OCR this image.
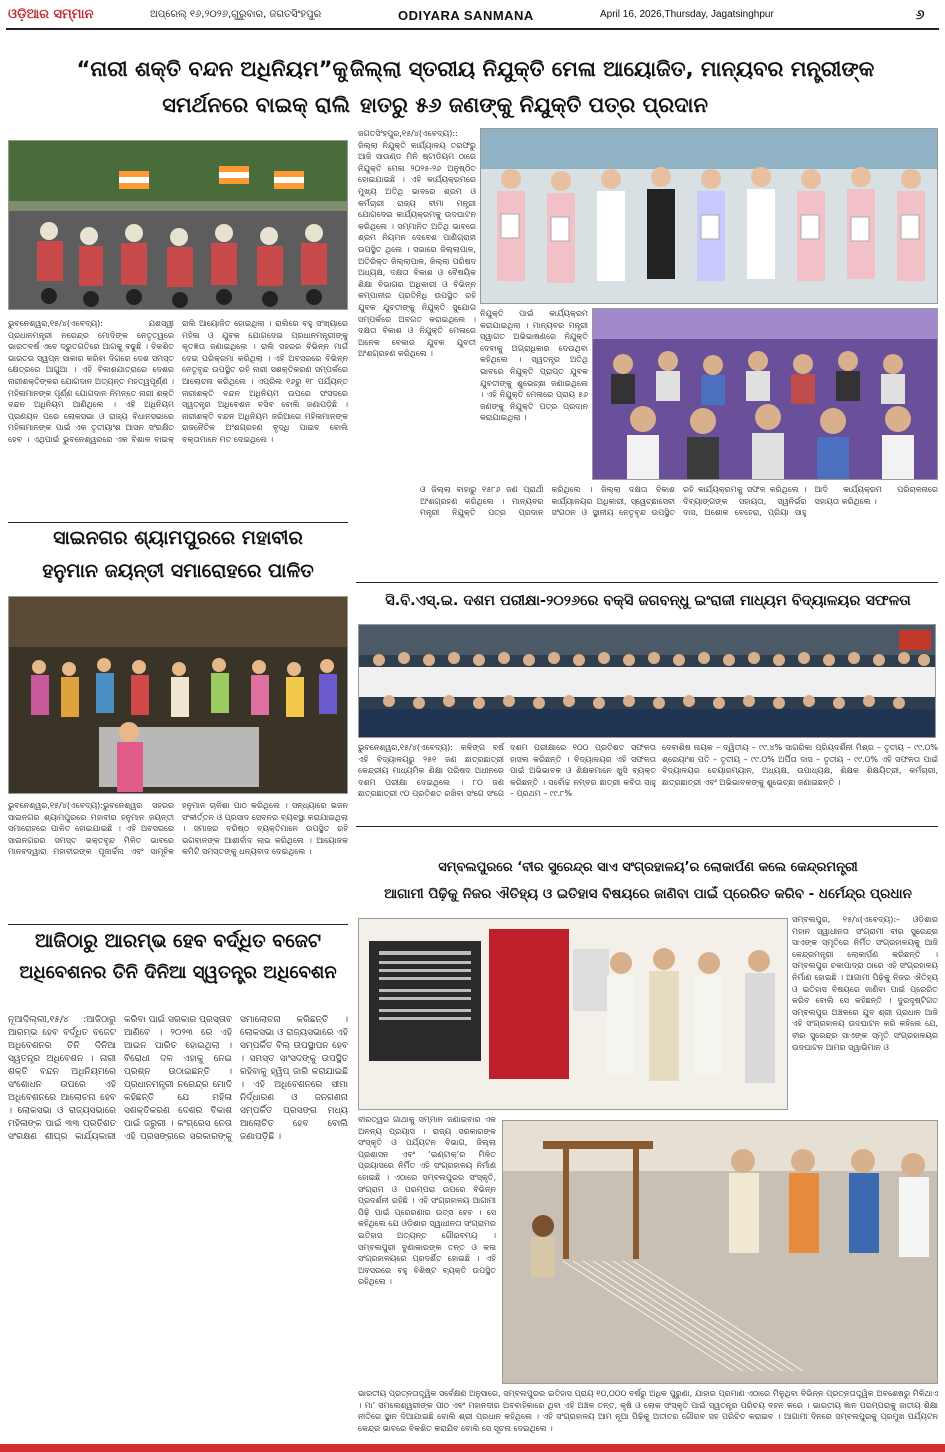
ଓଡ଼ିଆର ସମ୍ମାନ	ଅପ୍ରେଲ୍ ୧୬,୨୦୨୬,ଗୁରୁବାର, ଜଗତସିଂହପୁର	ODIYARA SANMANA	April 16, 2026,Thursday, Jagatsinghpur	୬
“ନାରୀ ଶକ୍ତି ବନ୍ଦନ ଅଧିନିୟମ”କୁ ଜିଲ୍ଲା ସ୍ତରୀୟ ନିଯୁକ୍ତି ମେଳା ଆୟୋଜିତ, ମାନ୍ୟବର ମନ୍ତ୍ରୀଙ୍କ
ସମର୍ଥନରେ ବାଇକ୍ ରାଲି ହାତରୁ ୫୬ ଜଣଙ୍କୁ ନିଯୁକ୍ତି ପତ୍ର ପ୍ରଦାନ
ଭୁବନେଶ୍ୱର,୧୫/୪(ଏବେଦ୍ୟ): ଯଶସ୍ୱୀ ପ୍ରଧାନମନ୍ତ୍ରୀ ନରେନ୍ଦ୍ର ମୋଦିଙ୍କ ନେତୃତ୍ୱରେ ଭାରତବର୍ଷ ଏବେ ଦ୍ରୁତଗତିରେ ଆଗକୁ ବଢୁଛି । ବିକଶିତ ଭାରତର ସ୍ୱପ୍ନ ସାକାର କରିବା ଦିଗରେ ଦେଶ ସମସ୍ତ କ୍ଷେତ୍ରରେ ଆଗୁଆ । ଏହି ବିକାଶଯାତ୍ରାରେ ଦେଶର ନାରୀଶକ୍ତିଙ୍କର ଯୋଗଦାନ ଅତ୍ୟନ୍ତ ମହତ୍ୱପୂର୍ଣ୍ଣ । ମହିଳାମାନଙ୍କ ପୂର୍ଣ୍ଣ ଯୋଗଦାନ ନିମନ୍ତେ ନାରୀ ଶକ୍ତି ବନ୍ଦନ ଅଧିନିୟମ ଆଣିଥିଲେ । ଏହି ଅଧିନିୟମ ପ୍ରଣୟନ ପରେ ଲୋକସଭା ଓ ରାଜ୍ୟ ବିଧାନସଭାରେ ମହିଳାମାନଙ୍କ ପାଇଁ ଏକ ତୃତୀୟାଂଶ ଆସନ ସଂରକ୍ଷିତ ହେବ । ଏଥିପାଇଁ ଭୁବନେଶ୍ୱରରେ ଏକ ବିଶାଳ ବାଇକ୍ ରାଲି ଆୟୋଜିତ ହୋଇଥିଲା । ରାଲିରେ ବହୁ ସଂଖ୍ୟାରେ ମହିଳା ଓ ଯୁବକ ଯୋଗଦେଇ ପ୍ରଧାନମନ୍ତ୍ରୀଙ୍କୁ କୃତଜ୍ଞତା ଜଣାଇଥିଲେ । ରାଲି ସହରର ବିଭିନ୍ନ ମାର୍ଗ ଦେଇ ପରିକ୍ରମା କରିଥିଲା । ଏହି ଅବସରରେ ବିଭିନ୍ନ ନେତୃବୃନ୍ଦ ଉପସ୍ଥିତ ରହି ନାରୀ ସଶକ୍ତିକରଣ ସମ୍ପର୍କରେ ଆଲୋଚନା କରିଥିଲେ । ଏପ୍ରିଲ ୧୬ରୁ ୧୮ ପର୍ଯ୍ୟନ୍ତ ନାରୀଶକ୍ତି ବନ୍ଦନ ଅଧିନିୟମ ଉପରେ ସଂସଦରେ ସ୍ୱତନ୍ତ୍ର ଅଧିବେଶନ ବସିବ ବୋଲି ଜଣାପଡ଼ିଛି । ନାରୀଶକ୍ତି ବନ୍ଦନ ଅଧିନିୟମ ଜରିଆରେ ମହିଳାମାନଙ୍କ ରାଜନୈତିକ ଅଂଶଗ୍ରହଣ ବୃଦ୍ଧି ପାଇବ ବୋଲି ବକ୍ତାମାନେ ମତ ଦେଇଥିଲେ ।
ସାଇନଗର ଶ୍ୟାମପୁରରେ ମହାବୀର
ହନୁମାନ ଜୟନ୍ତୀ ସମାରୋହରେ ପାଳିତ
ଭୁବନେଶ୍ୱର,୧୫/୪(ଏବେଦ୍ୟ):ଭୁବନେଶ୍ୱର ସହରର ସାଇନଗର ଶ୍ୟାମପୁରରେ ମହାବୀର ହନୁମାନ ଜୟନ୍ତୀ ସମାରୋହରେ ପାଳିତ ହୋଇଯାଇଛି । ଏହି ଅବସରରେ ସାଇନଗରର ସମସ୍ତ ଭକ୍ତବୃନ୍ଦ ମିଳିତ ଭାବରେ ମାନବଦ୍ୱାରା ମହାବୀରଙ୍କ ପୂଜାର୍ଚ୍ଚନା ଏବଂ ସାମୂହିକ ହନୁମାନ ଚାଳିଶା ପାଠ କରିଥିଲେ । ସନ୍ଧ୍ୟାରେ ଭଜନ ସଂକୀର୍ତ୍ତନ ଓ ପ୍ରସାଦ ସେବନର ବ୍ୟବସ୍ଥା କରାଯାଇଥିଲା । ସମାଜର ବରିଷ୍ଠ ବ୍ୟକ୍ତିମାନେ ଉପସ୍ଥିତ ରହି ଭଗବାନଙ୍କ ଆଶୀର୍ବାଦ ଲାଭ କରିଥିଲେ । ଆୟୋଜକ କମିଟି ସମସ୍ତଙ୍କୁ ଧନ୍ୟବାଦ ଦେଇଥିଲେ ।
ଆଜିଠାରୁ ଆରମ୍ଭ ହେବ ବର୍ଦ୍ଧିତ ବଜେଟ
ଅଧିବେଶନର ତିନି ଦିନିଆ ସ୍ୱତନ୍ତ୍ର ଅଧିବେଶନ
ନୂଆଦିଲ୍ଲୀ,୧୫/୪ :ଆଜିଠାରୁ ଆରମ୍ଭ ହେବ ବର୍ଦ୍ଧିତ ବଜେଟ ଅଧିବେଶନର ତିନି ଦିନିଆ ସ୍ୱତନ୍ତ୍ର ଅଧିବେଶନ । ନାରୀ ଶକ୍ତି ବନ୍ଦନ ଅଧିନିୟମରେ ସଂଶୋଧନ ଉପରେ ଏହି ଅଧିବେଶନରେ ଆଲୋଚନା ହେବ । ଲୋକସଭା ଓ ରାଜ୍ୟସଭାରେ ମହିଳାଙ୍କ ପାଇଁ ୩୩ ପ୍ରତିଶତ ସଂରକ୍ଷଣ ଶୀଘ୍ର କାର୍ଯ୍ୟକାରୀ କରିବା ପାଇଁ ସରକାର ପ୍ରସ୍ତାବ ଆଣିବେ । ୨୦୨୩ ରେ ଏହି ଆଇନ ପାରିତ ହୋଇଥିଲା । ବିରୋଧୀ ଦଳ ଏହାକୁ ନେଇ ପ୍ରଶ୍ନ ଉଠାଇଛନ୍ତି । ପ୍ରଧାନମନ୍ତ୍ରୀ ନରେନ୍ଦ୍ର ମୋଦି କହିଛନ୍ତି ଯେ ମହିଳା ସଶକ୍ତିକରଣ ଦେଶର ବିକାଶ ପାଇଁ ଜରୁରୀ । କଂଗ୍ରେସ ନେତା ଏହି ପ୍ରସଙ୍ଗରେ ସରକାରଙ୍କୁ ସମାଲୋଚନା କରିଛନ୍ତି । ଲୋକସଭା ଓ ରାଜ୍ୟସଭାରେ ଏହି ସମ୍ପର୍କିତ ବିଲ୍ ଉପସ୍ଥାପନ ହେବ । ସମସ୍ତ ସାଂସଦଙ୍କୁ ଉପସ୍ଥିତ ରହିବାକୁ ହ୍ୱିପ୍ ଜାରି କରାଯାଇଛି । ଏହି ଅଧିବେଶନରେ ସୀମା ନିର୍ଦ୍ଧାରଣ ଓ ଜନଗଣନା ସମ୍ପର୍କିତ ପ୍ରସଙ୍ଗ ମଧ୍ୟ ଆଲୋଚିତ ହେବ ବୋଲି ଜଣାପଡ଼ିଛି ।
ଜଗତସିଂହପୁର,୧୫/୪(ଏବେଦ୍ୟ):: ଜିଲ୍ଲା ନିଯୁକ୍ତି କାର୍ଯ୍ୟାଳୟ ତରଫରୁ ଆଜି ସାଉଣ୍ଡ ମିନି ଷ୍ଟାଡିୟମ ଠାରେ ନିଯୁକ୍ତି ମେଳା ୨୦୨୫-୨୬ ଅନୁଷ୍ଠିତ ହୋଇଯାଇଛି । ଏହି କାର୍ଯ୍ୟକ୍ରମରେ ମୁଖ୍ୟ ଅତିଥି ଭାବରେ ଶ୍ରମ ଓ କର୍ମଚାରୀ ରାଜ୍ୟ ବୀମା ମନ୍ତ୍ରୀ ଯୋଗଦେଇ କାର୍ଯ୍ୟକ୍ରମକୁ ଉଦଘାଟନ କରିଥିଲେ । ସମ୍ମାନିତ ଅତିଥି ଭାବରେ ଶ୍ରମ ନିୟମନ ଦେବେଶ ପାଣିଗ୍ରାହୀ ଉପସ୍ଥିତ ଥିଲେ । ସଭାରେ ଜିଲ୍ଲାପାଳ, ଅତିରିକ୍ତ ଜିଲ୍ଲାପାଳ, ଜିଲ୍ଲା ପରିଷଦ ଅଧ୍ୟକ୍ଷ, ଦକ୍ଷତା ବିକାଶ ଓ ବୈଷୟିକ ଶିକ୍ଷା ବିଭାଗର ଅଧିକାରୀ ଓ ବିଭିନ୍ନ କମ୍ପାନୀର ପ୍ରତିନିଧି ଉପସ୍ଥିତ ରହି ଯୁବକ ଯୁବତୀଙ୍କୁ ନିଯୁକ୍ତି ସୁଯୋଗ ସମ୍ପର୍କରେ ଅବଗତ କରାଇଥିଲେ । ଦକ୍ଷତା ବିକାଶ ଓ ନିଯୁକ୍ତି ମେଳାରେ ଅନେକ ବେକାର ଯୁବକ ଯୁବତୀ ଅଂଶଗ୍ରହଣ କରିଥିଲେ ।
ନିଯୁକ୍ତି ପାଇଁ କାର୍ଯ୍ୟକ୍ରମ କରାଯାଇଥିଲା । ମାନ୍ୟବର ମନ୍ତ୍ରୀ ସ୍ୱାଗତ ଅଭିଭାଷଣରେ ନିଯୁକ୍ତି ଦେବାକୁ ଅଗ୍ରାଧିକାର ଦେଉଥିବା କହିଥିଲେ । ସ୍ୱତନ୍ତ୍ର ଅତିଥି ଭାବରେ ନିଯୁକ୍ତି ପ୍ରାପ୍ତ ଯୁବକ ଯୁବତୀଙ୍କୁ ଶୁଭେଚ୍ଛା ଜଣାଇଥିଲେ । ଏହି ନିଯୁକ୍ତି ମେଳାରେ ପ୍ରାୟ ୫୬ ଜଣଙ୍କୁ ନିଯୁକ୍ତି ପତ୍ର ପ୍ରଦାନ କରାଯାଇଥିଲା ।
ଓ ଜିଲ୍ଲା ବାହାରୁ ୧୫୮୬ ଜଣ ପ୍ରାର୍ଥୀ ଅଂଶଗ୍ରହଣ କରିଥିଲେ । ମାନ୍ୟବର ମନ୍ତ୍ରୀ ନିଯୁକ୍ତି ପତ୍ର ପ୍ରଦାନ କରିଥିଲେ । ଜିଲ୍ଲା ଦକ୍ଷତା ବିକାଶ କାର୍ଯ୍ୟାଳୟର ଅଧିକାରୀ, ସ୍ୱେଚ୍ଛାସେବୀ ସଂଗଠନ ଓ ସ୍ଥାନୀୟ ନେତୃବୃନ୍ଦ ଉପସ୍ଥିତ ରହି କାର୍ଯ୍ୟକ୍ରମକୁ ସଫଳ କରିଥିଲେ । ଦିବ୍ୟାଙ୍ଗଙ୍କ ସହାୟତା, ସ୍ୱନିର୍ଭର ଦାସ, ଅଶୋକ ବେହେରା, ପ୍ରିୟା ସାହୁ ଆଦି କାର୍ଯ୍ୟକ୍ରମ ପରିଚାଳନାରେ ସହାୟତା କରିଥିଲେ ।
ସି.ବି.ଏସ୍.ଇ. ଦଶମ ପରୀକ୍ଷା-୨୦୨୬ରେ ବକ୍ସି ଜଗବନ୍ଧୁ ଇଂରାଜୀ ମାଧ୍ୟମ ବିଦ୍ୟାଳୟର ସଫଳତା
ଭୁବନେଶ୍ୱର,୧୫/୪(ଏବେଦ୍ୟ): କଳିଙ୍ଗ ବର୍ଷ ଏହି ବିଦ୍ୟାଳୟରୁ ୨୫୧ ଜଣ ଛାତ୍ରଛାତ୍ରୀ କେନ୍ଦ୍ରୀୟ ମାଧ୍ୟମିକ ଶିକ୍ଷା ପରିଷଦ ଅଧୀନରେ ଦଶମ ପରୀକ୍ଷା ଦେଇଥିଲେ । ୮୦ ଜଣ ଛାତ୍ରଛାତ୍ରୀ ୯୦ ପ୍ରତିଶତ ରଖିବା ସଂଗେ ସଂଗେ ଦଶମ ପରୀକ୍ଷାରେ ୧୦୦ ପ୍ରତିଶତ ସଫଳତା ହାସଲ କରିଛନ୍ତି । ବିଦ୍ୟାଳୟର ଏହି ସଫଳତା ପାଇଁ ଅଭିଭାବକ ଓ ଶିକ୍ଷକମାନେ ଖୁସି ବ୍ୟକ୍ତ କରିଛନ୍ତି । ସର୍ବୋଚ୍ଚ ନମ୍ବର ଛାତ୍ରୀ କବିତା ସାହୁ – ପ୍ରଥମ – ୯୯.୮%
ଦେବାଶିଷ ନାୟକ – ଦ୍ୱିତୀୟ – ୯୯.୪% ସାଗରିକା ପ୍ରିୟଦର୍ଶିନୀ ମିଶ୍ର – ତୃତୀୟ – ୯୯.୦% ଶ୍ରେୟାଂଶ ପତି – ତୃତୀୟ – ୯୯.୦% ଅର୍ପିତା ଦାସ – ତୃତୀୟ – ୯୯.୦% ଏହି ସଫଳତା ପାଇଁ ବିଦ୍ୟାଳୟର ଚେୟାରମ୍ୟାନ, ଅଧ୍ୟକ୍ଷ, ଉପାଧ୍ୟକ୍ଷ, ଶିକ୍ଷକ ଶିକ୍ଷୟିତ୍ରୀ, କର୍ମଚାରୀ, ଛାତ୍ରଛାତ୍ରୀ ଏବଂ ଅଭିଭାବକଙ୍କୁ ଶୁଭେଚ୍ଛା ଜଣାଇଛନ୍ତି ।
ସମ୍ବଲପୁରରେ ‘ବୀର ସୁରେନ୍ଦ୍ର ସାଏ ସଂଗ୍ରହାଳୟ’ର ଲୋକାର୍ପଣ କଲେ କେନ୍ଦ୍ରମନ୍ତ୍ରୀ
ଆଗାମୀ ପିଢ଼ିକୁ ନିଜର ଐତିହ୍ୟ ଓ ଇତିହାସ ବିଷୟରେ ଜାଣିବା ପାଇଁ ପ୍ରେରିତ କରିବ - ଧର୍ମେନ୍ଦ୍ର ପ୍ରଧାନ
ସମ୍ବଲପୁର, ୧୫/୪(ଏବେଦ୍ୟ):– ଓଡ଼ିଶାର ମହାନ ସ୍ୱାଧୀନତା ସଂଗ୍ରାମୀ ବୀର ସୁରେନ୍ଦ୍ର ସାଏଙ୍କ ସ୍ମୃତିରେ ନିର୍ମିତ ସଂଗ୍ରହାଳୟକୁ ଆଜି କେନ୍ଦ୍ରମନ୍ତ୍ରୀ ଲୋକାର୍ପଣ କରିଛନ୍ତି । ସମ୍ବଲପୁର ଚକାପାଦ୍ରା ଠାରେ ଏହି ସଂଗ୍ରହାଳୟ ନିର୍ମାଣ ହୋଇଛି । ଆଗାମୀ ପିଢ଼ିକୁ ନିଜର ଐତିହ୍ୟ ଓ ଇତିହାସ ବିଷୟରେ ଜାଣିବା ପାଇଁ ପ୍ରେରିତ କରିବ ବୋଲି ସେ କହିଛନ୍ତି । ଦୁରଦୃଷ୍ଟିଗତ ସମ୍ବଲପୁର ଅଞ୍ଚଳରେ ଯୁବ ଶ୍ରୀ ପ୍ରଧାନ ଆଜି ଏହି ସଂଗ୍ରହାଳୟ ଉଦଘାଟନ କରି କହିଲେ ଯେ, ବୀର ସୁରେନ୍ଦ୍ର ସାଏଙ୍କ ସ୍ମୃତି ସଂଗ୍ରହାଳୟର ଉଦଘାଟନ ଆମର ସ୍ୱାଭିମାନ ଓ
ବୀରତ୍ୱର ଗାଥାକୁ ସମ୍ମାନ ଜଣାଇବାର ଏକ ଅନନ୍ୟ ପ୍ରୟାସ । ରାଜ୍ୟ ସରକାରଙ୍କ ସଂସ୍କୃତି ଓ ପର୍ଯ୍ୟଟନ ବିଭାଗ, ଜିଲ୍ଲା ପ୍ରଶାସନ ଏବଂ ‘ଇଣ୍ଟାକ୍’ର ମିଳିତ ପ୍ରୟାସରେ ନିର୍ମିତ ଏହି ସଂଗ୍ରହାଳୟ ନିର୍ମାଣ ହୋଇଛି । ଏଠାରେ ସମ୍ବଲପୁରର ସଂସ୍କୃତି, ସଂଗ୍ରାମ ଓ ପରମ୍ପରା ଉପରେ ବିଭିନ୍ନ ପ୍ରଦର୍ଶନୀ ରହିଛି । ଏହି ସଂଗ୍ରହାଳୟ ଆଗାମୀ ପିଢ଼ି ପାଇଁ ପ୍ରେରଣାର ଉତ୍ସ ହେବ । ସେ କହିଥିଲେ ଯେ ଓଡ଼ିଶାର ସ୍ୱାଧୀନତା ସଂଗ୍ରାମର ଇତିହାସ ଅତ୍ୟନ୍ତ ଗୌରବମୟ । ସମ୍ବଲପୁରୀ ବୁଣାକାରଙ୍କ ତନ୍ତ ଓ କଳା ସଂଗ୍ରହାଳୟରେ ପ୍ରଦର୍ଶିତ ହୋଇଛି । ଏହି ଅବସରରେ ବହୁ ବିଶିଷ୍ଟ ବ୍ୟକ୍ତି ଉପସ୍ଥିତ ରହିଥିଲେ ।
ଭାରତୀୟ ପ୍ରତ୍ନତାତ୍ତ୍ୱିକ ସର୍ବେକ୍ଷଣ ଅନୁସାରେ, ସମ୍ବଲପୁରର ଇତିହାସ ପ୍ରାୟ ୧୦,୦୦୦ ବର୍ଷରୁ ଅଧିକ ପୁରୁଣା, ଯାହାର ପ୍ରମାଣ ଏଠାରେ ମିଳୁଥିବା ବିଭିନ୍ନ ପ୍ରତ୍ନତାତ୍ତ୍ୱିକ ଅବଶେଷରୁ ମିଳିଥାଏ । ମା’ ସମଲେଶ୍ୱରୀଙ୍କ ପୀଠ ଏବଂ ମହାନଦୀର ଅବବାହିକାରେ ଥିବା ଏହି ଅଞ୍ଚଳ ତନ୍ତ, କୃଷି ଓ ଲୋକ ସଂସ୍କୃତି ପାଇଁ ସ୍ୱତନ୍ତ୍ର ପରିଚୟ ବହନ କରେ । ଭାରତୀୟ ଜ୍ଞାନ ପରମ୍ପରାକୁ ଜାତୀୟ ଶିକ୍ଷା ନୀତିରେ ସ୍ଥାନ ଦିଆଯାଇଛି ବୋଲି ଶ୍ରୀ ପ୍ରଧାନ କହିଥିଲେ । ଏହି ସଂଗ୍ରହାଳୟ ଆମ ନୂଆ ପିଢ଼ିକୁ ଅତୀତର ଗୌରବ ସହ ପରିଚିତ କରାଇବ । ଆଗାମୀ ଦିନରେ ସମ୍ବଲପୁରକୁ ପ୍ରମୁଖ ପର୍ଯ୍ୟଟନ କେନ୍ଦ୍ର ଭାବରେ ବିକଶିତ କରାଯିବ ବୋଲି ସେ ସୂଚନା ଦେଇଥିଲେ ।
